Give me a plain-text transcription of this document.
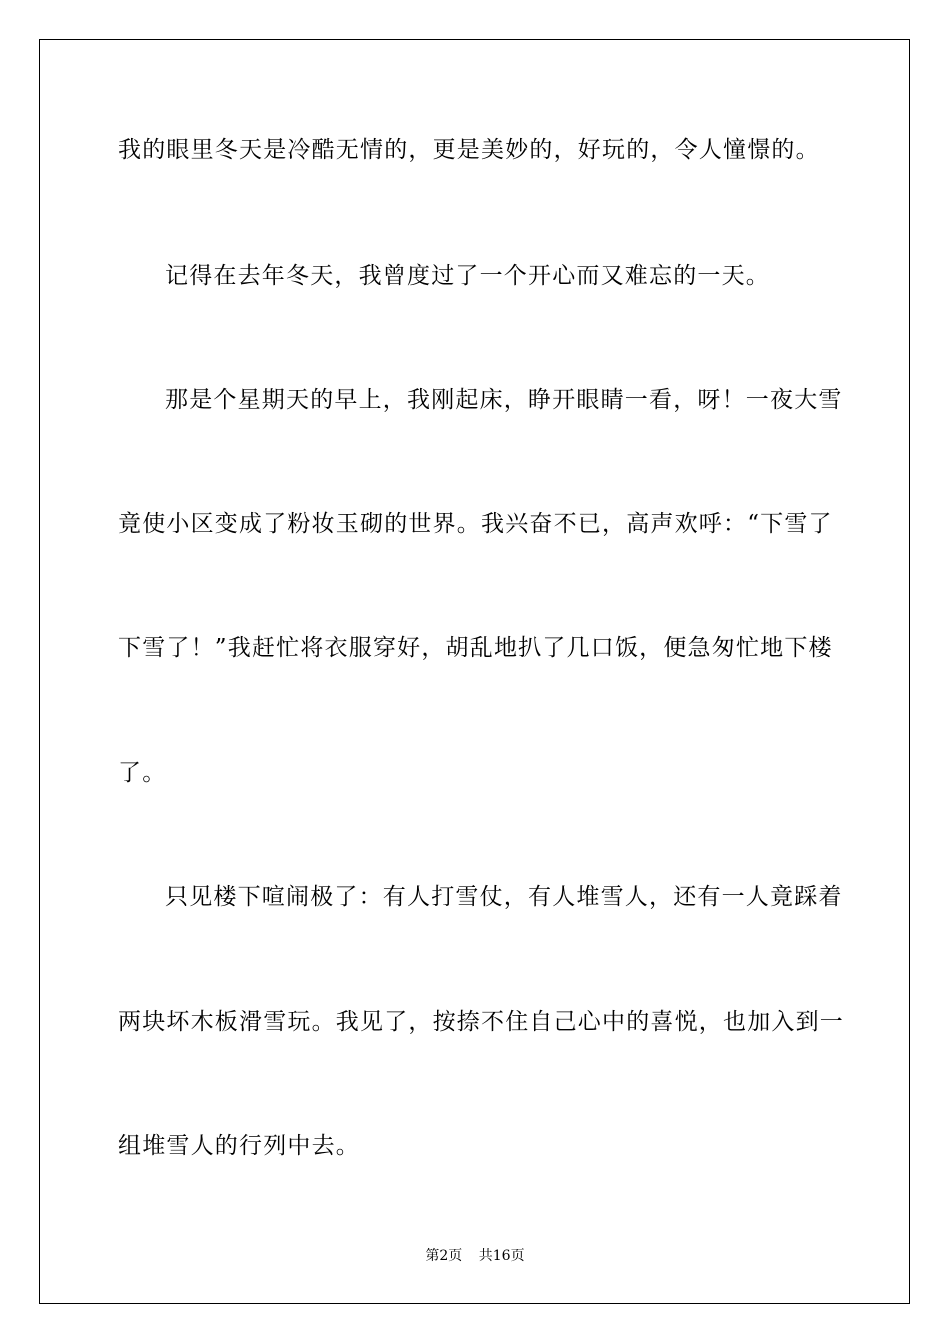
我的眼里冬天是冷酷无情的，更是美妙的，好玩的，令人憧憬的。
记得在去年冬天，我曾度过了一个开心而又难忘的一天。
那是个星期天的早上，我刚起床，睁开眼睛一看，呀！一夜大雪
竟使小区变成了粉妆玉砌的世界。我兴奋不已，高声欢呼：“下雪了
下雪了！”我赶忙将衣服穿好，胡乱地扒了几口饭，便急匆忙地下楼
了。
只见楼下喧闹极了：有人打雪仗，有人堆雪人，还有一人竟踩着
两块坏木板滑雪玩。我见了，按捺不住自己心中的喜悦，也加入到一
组堆雪人的行列中去。
第2页 共16页
